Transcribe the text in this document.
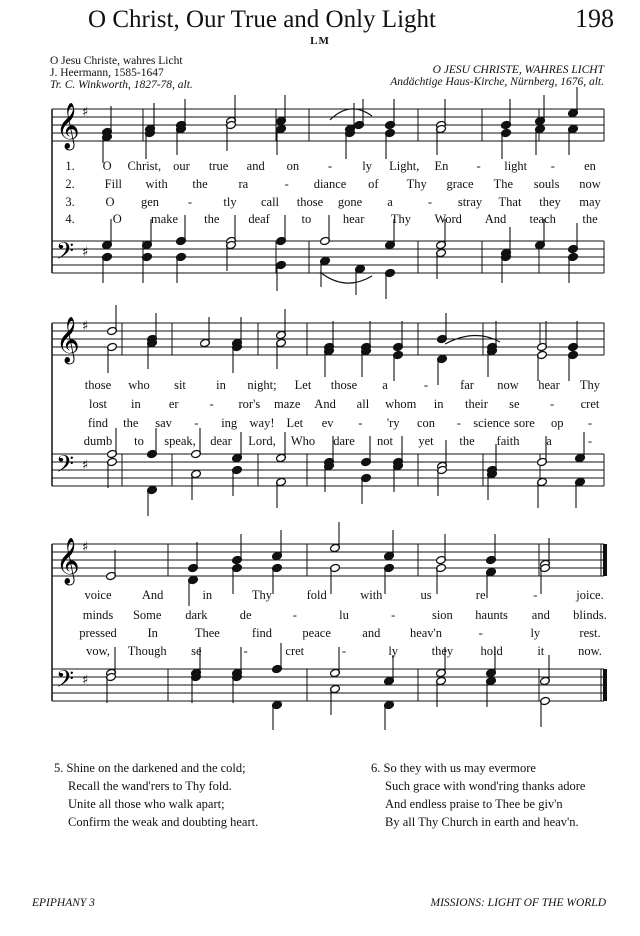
O Christ, Our True and Only Light	198
LM
O Jesu Christe, wahres Licht
J. Heermann, 1585-1647
Tr. C. Winkworth, 1827-78, alt.
O JESU CHRISTE, WAHRES LICHT
Andächtige Haus-Kirche, Nürnberg, 1676, alt.
𝄞 ♯
𝄢 ♯
𝄞 ♯
𝄢 ♯
𝄞 ♯
𝄢 ♯
1.	O	Christ, our	true	and	on	-	ly	Light,	En	-	light	-	en
2.	Fill	with	the	ra	-	diance	of	Thy	grace	The	souls	now
3.	O	gen	-	tly	call	those	gone	a	-	stray	That	they	may
4.	O	make	the	deaf	to	hear	Thy	Word	And	teach	the
those	who	sit	in	night;	Let	those	a	-	far	now	hear	Thy
lost	in	er	-	ror's	maze	And	all	whom	in	their	se	-	cret
find	the	sav	-	ing way! Let	ev	-	'ry	con	- science sore	op	-
dumb	to	speak,	dear	Lord,	Who	dare	not	yet	the	faith	a	-
voice	And	in	Thy	fold	with	us	re	-	joice.
minds	Some	dark	de	-	lu	-	sion	haunts	and	blinds.
pressed	In	Thee	find	peace	and	heav'n	-	ly	rest.
vow,	Though	se	-	cret	-	ly	they	hold	it	now.
5. Shine on the darkened and the cold;
Recall the wand'rers to Thy fold.
Unite all those who walk apart;
Confirm the weak and doubting heart.
6. So they with us may evermore
Such grace with wond'ring thanks adore
And endless praise to Thee be giv'n
By all Thy Church in earth and heav'n.
EPIPHANY 3	MISSIONS: LIGHT OF THE WORLD
